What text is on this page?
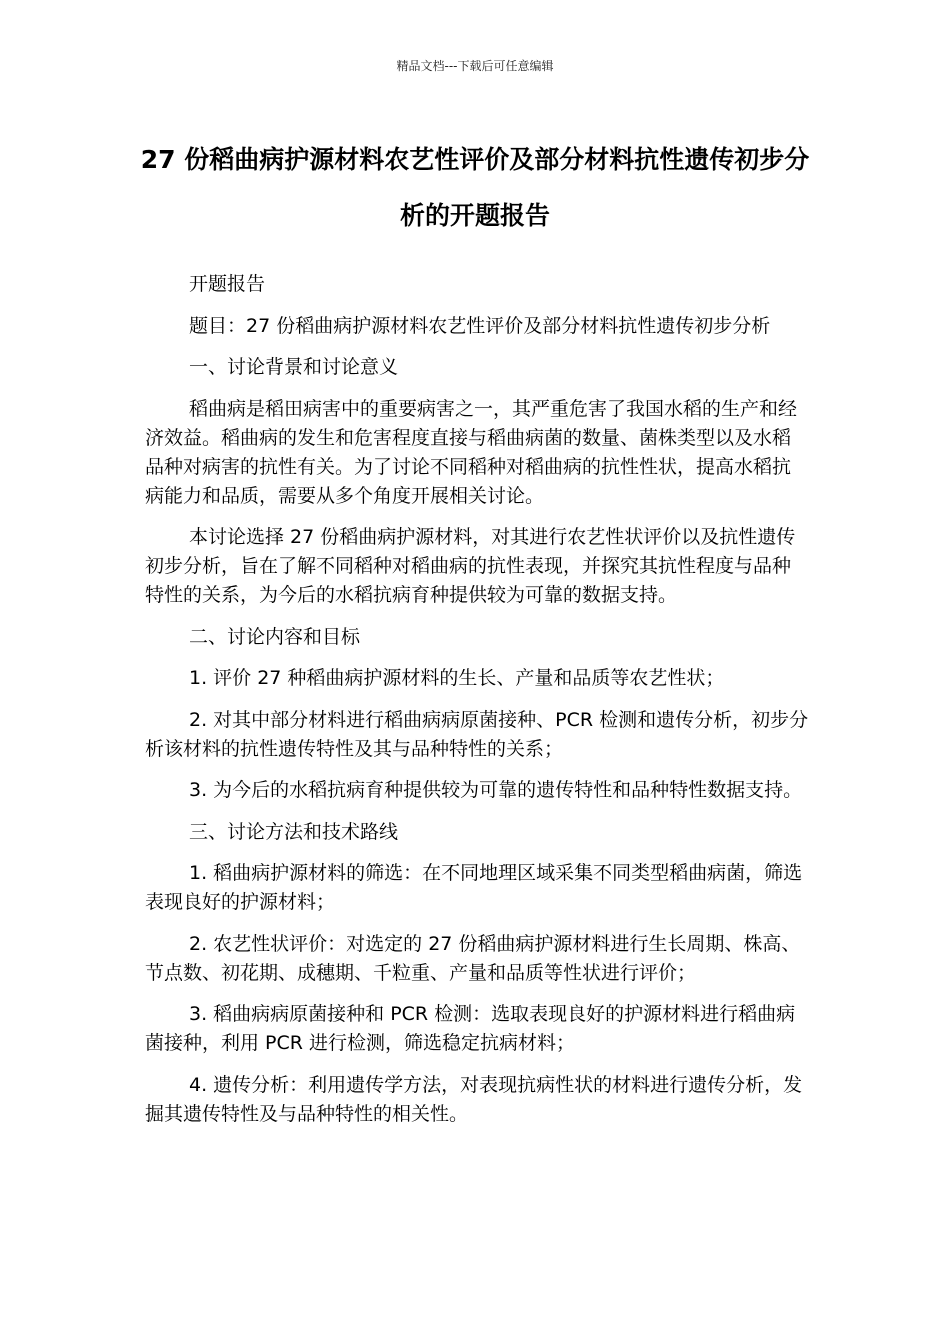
精品文档---下载后可任意编辑
27 份稻曲病护源材料农艺性评价及部分材料抗性遗传初步分析的开题报告

开题报告

题目：27 份稻曲病护源材料农艺性评价及部分材料抗性遗传初步分析

一、讨论背景和讨论意义

稻曲病是稻田病害中的重要病害之一，其严重危害了我国水稻的生产和经济效益。稻曲病的发生和危害程度直接与稻曲病菌的数量、菌株类型以及水稻品种对病害的抗性有关。为了讨论不同稻种对稻曲病的抗性性状，提高水稻抗病能力和品质，需要从多个角度开展相关讨论。

本讨论选择 27 份稻曲病护源材料，对其进行农艺性状评价以及抗性遗传初步分析，旨在了解不同稻种对稻曲病的抗性表现，并探究其抗性程度与品种特性的关系，为今后的水稻抗病育种提供较为可靠的数据支持。

二、讨论内容和目标

1. 评价 27 种稻曲病护源材料的生长、产量和品质等农艺性状；

2. 对其中部分材料进行稻曲病病原菌接种、PCR 检测和遗传分析，初步分析该材料的抗性遗传特性及其与品种特性的关系；

3. 为今后的水稻抗病育种提供较为可靠的遗传特性和品种特性数据支持。

三、讨论方法和技术路线

1. 稻曲病护源材料的筛选：在不同地理区域采集不同类型稻曲病菌，筛选表现良好的护源材料；

2. 农艺性状评价：对选定的 27 份稻曲病护源材料进行生长周期、株高、节点数、初花期、成穗期、千粒重、产量和品质等性状进行评价；

3. 稻曲病病原菌接种和 PCR 检测：选取表现良好的护源材料进行稻曲病菌接种，利用 PCR 进行检测，筛选稳定抗病材料；

4. 遗传分析：利用遗传学方法，对表现抗病性状的材料进行遗传分析，发掘其遗传特性及与品种特性的相关性。
